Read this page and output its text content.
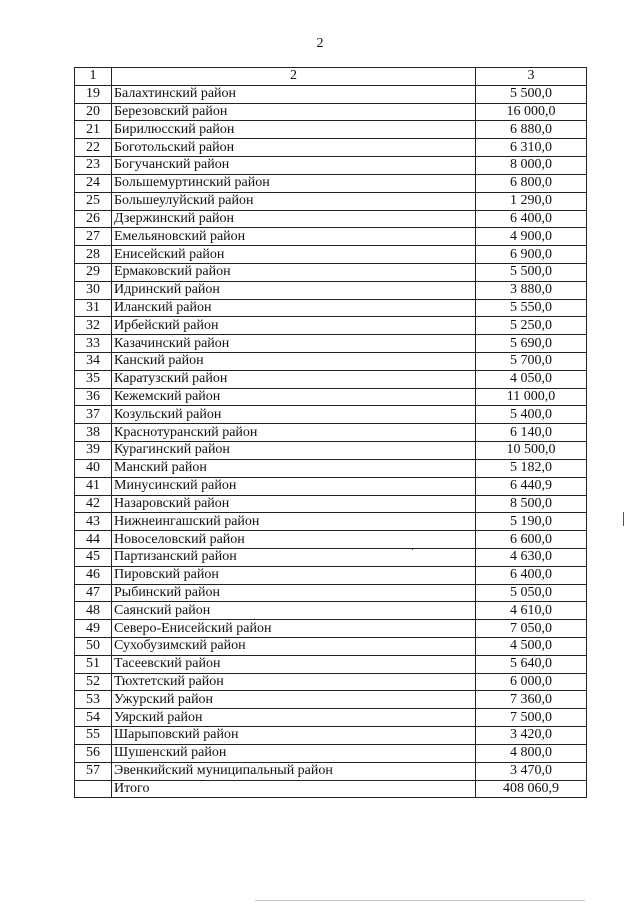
2
1	2	3
19	Балахтинский район	5 500,0
20	Березовский район	16 000,0
21	Бирилюсский район	6 880,0
22	Боготольский район	6 310,0
23	Богучанский район	8 000,0
24	Большемуртинский район	6 800,0
25	Большеулуйский район	1 290,0
26	Дзержинский район	6 400,0
27	Емельяновский район	4 900,0
28	Енисейский район	6 900,0
29	Ермаковский район	5 500,0
30	Идринский район	3 880,0
31	Иланский район	5 550,0
32	Ирбейский район	5 250,0
33	Казачинский район	5 690,0
34	Канский район	5 700,0
35	Каратузский район	4 050,0
36	Кежемский район	11 000,0
37	Козульский район	5 400,0
38	Краснотуранский район	6 140,0
39	Курагинский район	10 500,0
40	Манский район	5 182,0
41	Минусинский район	6 440,9
42	Назаровский район	8 500,0
43	Нижнеингашский район	5 190,0
44	Новоселовский район	6 600,0
45	Партизанский район	4 630,0
46	Пировский район	6 400,0
47	Рыбинский район	5 050,0
48	Саянский район	4 610,0
49	Северо-Енисейский район	7 050,0
50	Сухобузимский район	4 500,0
51	Тасеевский район	5 640,0
52	Тюхтетский район	6 000,0
53	Ужурский район	7 360,0
54	Уярский район	7 500,0
55	Шарыповский район	3 420,0
56	Шушенский район	4 800,0
57	Эвенкийский муниципальный район	3 470,0
	Итого	408 060,9
